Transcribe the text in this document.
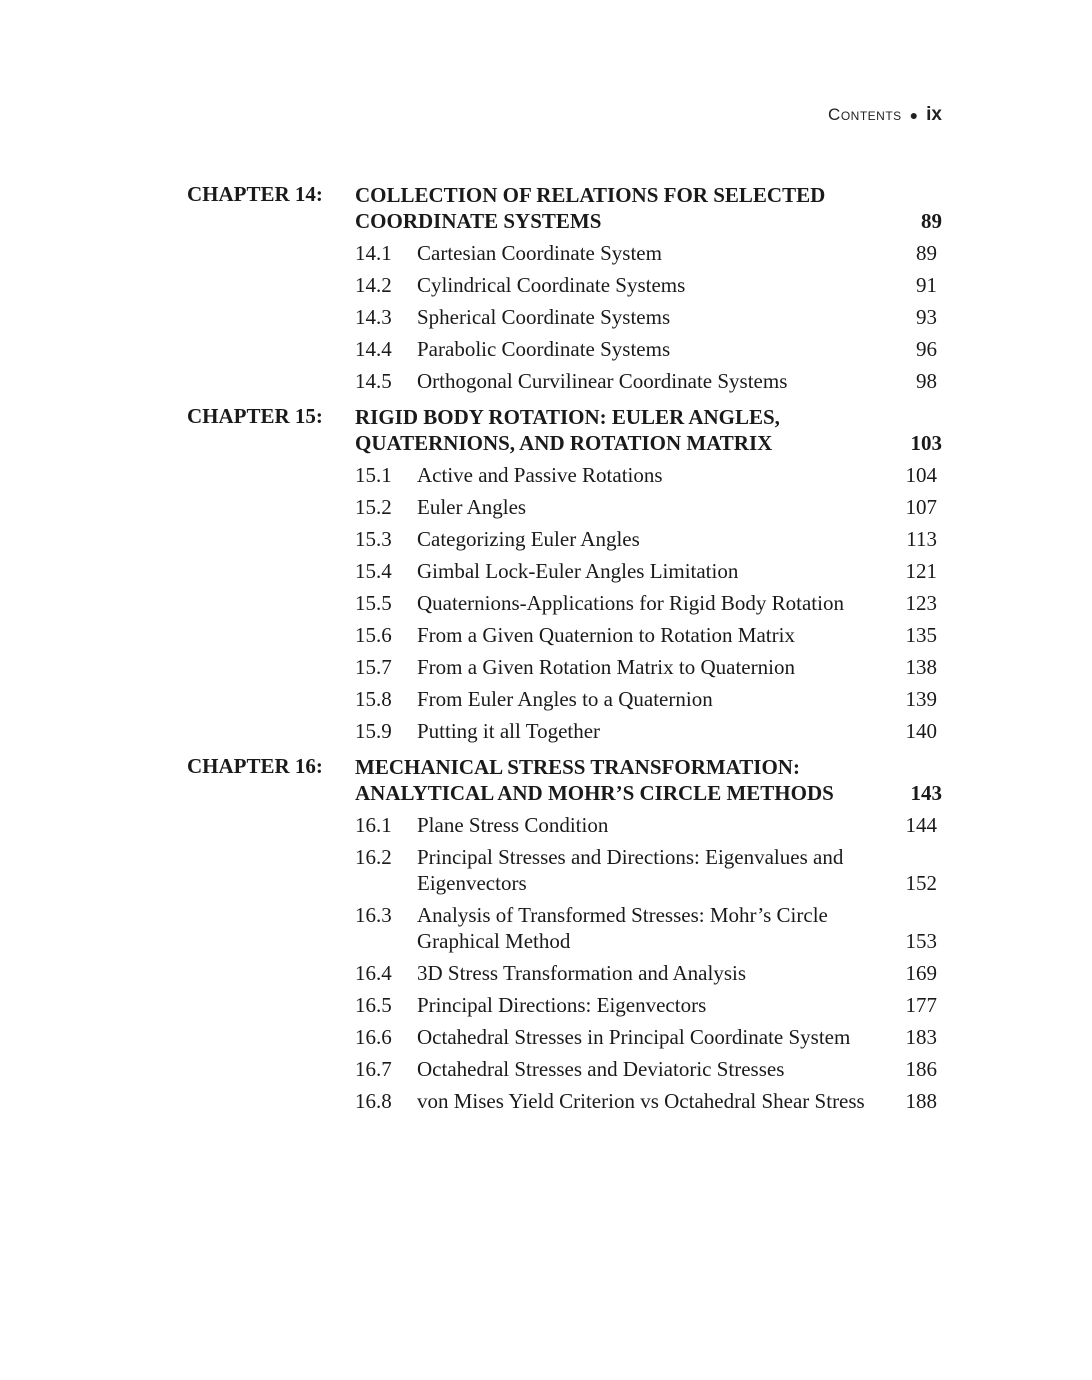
Contents ● ix
CHAPTER 14: COLLECTION OF RELATIONS FOR SELECTED COORDINATE SYSTEMS	89
14.1	Cartesian Coordinate System	89
14.2	Cylindrical Coordinate Systems	91
14.3	Spherical Coordinate Systems	93
14.4	Parabolic Coordinate Systems	96
14.5	Orthogonal Curvilinear Coordinate Systems	98
CHAPTER 15: RIGID BODY ROTATION: EULER ANGLES, QUATERNIONS, AND ROTATION MATRIX	103
15.1	Active and Passive Rotations	104
15.2	Euler Angles	107
15.3	Categorizing Euler Angles	113
15.4	Gimbal Lock-Euler Angles Limitation	121
15.5	Quaternions-Applications for Rigid Body Rotation	123
15.6	From a Given Quaternion to Rotation Matrix	135
15.7	From a Given Rotation Matrix to Quaternion	138
15.8	From Euler Angles to a Quaternion	139
15.9	Putting it all Together	140
CHAPTER 16: MECHANICAL STRESS TRANSFORMATION: ANALYTICAL AND MOHR’S CIRCLE METHODS	143
16.1	Plane Stress Condition	144
16.2	Principal Stresses and Directions: Eigenvalues and Eigenvectors	152
16.3	Analysis of Transformed Stresses: Mohr’s Circle Graphical Method	153
16.4	3D Stress Transformation and Analysis	169
16.5	Principal Directions: Eigenvectors	177
16.6	Octahedral Stresses in Principal Coordinate System	183
16.7	Octahedral Stresses and Deviatoric Stresses	186
16.8	von Mises Yield Criterion vs Octahedral Shear Stress	188
